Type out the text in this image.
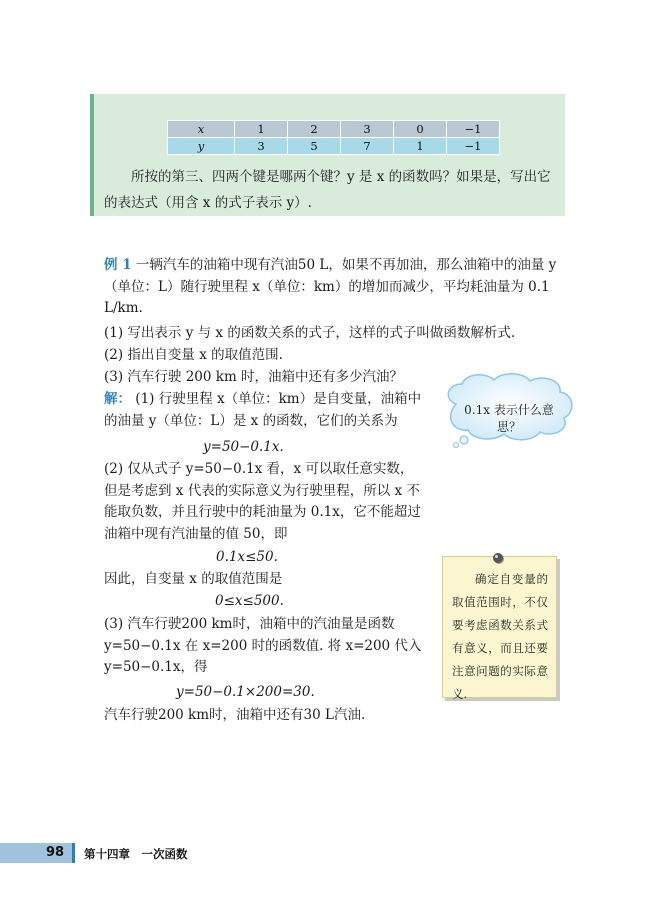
x	1	2	3	0	−1
y	3	5	7	1	−1
所按的第三、四两个键是哪两个键？y 是 x 的函数吗？如果是，写出它的表达式（用含 x 的式子表示 y）.
例 1 一辆汽车的油箱中现有汽油50 L，如果不再加油，那么油箱中的油量 y（单位：L）随行驶里程 x（单位：km）的增加而减少，平均耗油量为 0.1 L/km.
(1) 写出表示 y 与 x 的函数关系的式子，这样的式子叫做函数解析式.
(2) 指出自变量 x 的取值范围.
(3) 汽车行驶 200 km 时，油箱中还有多少汽油？
解： (1) 行驶里程 x（单位：km）是自变量，油箱中的油量 y（单位：L）是 x 的函数，它们的关系为
y=50−0.1x.
(2) 仅从式子 y=50−0.1x 看，x 可以取任意实数，但是考虑到 x 代表的实际意义为行驶里程，所以 x 不能取负数，并且行驶中的耗油量为 0.1x，它不能超过油箱中现有汽油量的值 50，即
0.1x≤50.
因此，自变量 x 的取值范围是
0≤x≤500.
(3) 汽车行驶200 km时，油箱中的汽油量是函数 y=50−0.1x 在 x=200 时的函数值. 将 x=200 代入 y=50−0.1x，得
y=50−0.1×200=30.
汽车行驶200 km时，油箱中还有30 L汽油.
0.1x 表示什么意思？
确定自变量的取值范围时，不仅要考虑函数关系式有意义，而且还要注意问题的实际意义.
98 第十四章　一次函数
